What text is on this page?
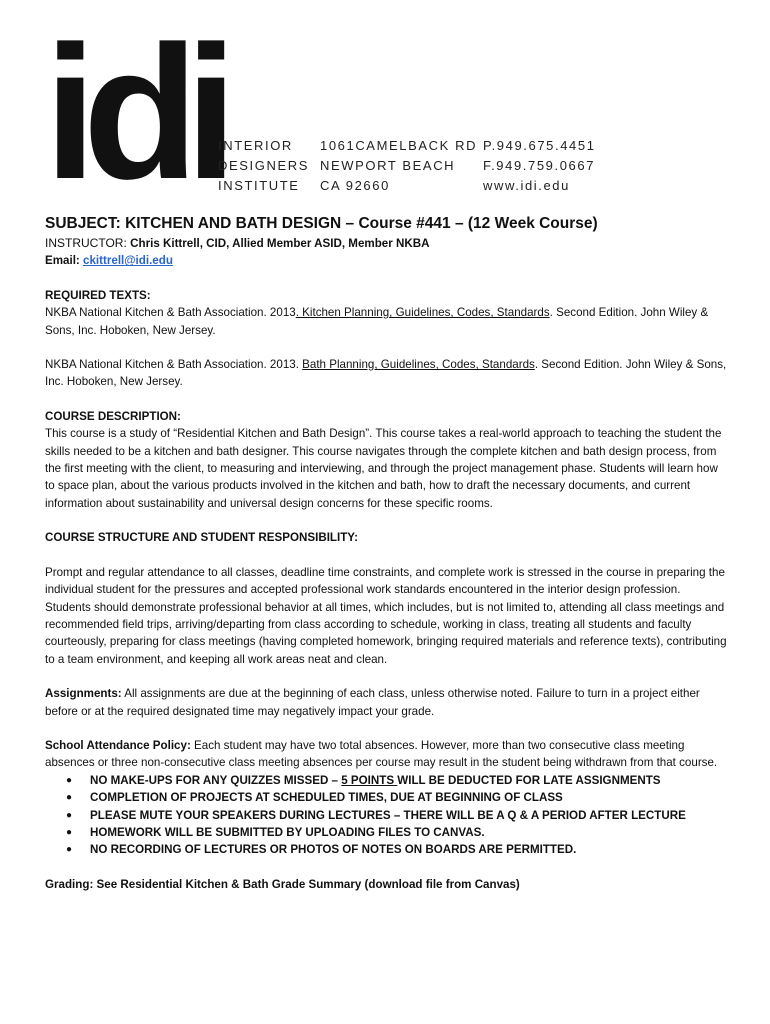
idi
INTERIOR
DESIGNERS
INSTITUTE
1061CAMELBACK RD
NEWPORT BEACH
CA 92660
P.949.675.4451
F.949.759.0667
www.idi.edu

SUBJECT: KITCHEN AND BATH DESIGN – Course #441 – (12 Week Course)

INSTRUCTOR: Chris Kittrell, CID, Allied Member ASID, Member NKBA

Email: ckittrell@idi.edu

REQUIRED TEXTS:

NKBA National Kitchen & Bath Association. 2013. Kitchen Planning, Guidelines, Codes, Standards. Second Edition. John Wiley & Sons, Inc. Hoboken, New Jersey.

NKBA National Kitchen & Bath Association. 2013. Bath Planning, Guidelines, Codes, Standards. Second Edition. John Wiley & Sons, Inc. Hoboken, New Jersey.

COURSE DESCRIPTION:

This course is a study of “Residential Kitchen and Bath Design”. This course takes a real-world approach to teaching the student the skills needed to be a kitchen and bath designer. This course navigates through the complete kitchen and bath design process, from the first meeting with the client, to measuring and interviewing, and through the project management phase. Students will learn how to space plan, about the various products involved in the kitchen and bath, how to draft the necessary documents, and current information about sustainability and universal design concerns for these specific rooms.

COURSE STRUCTURE AND STUDENT RESPONSIBILITY:

Prompt and regular attendance to all classes, deadline time constraints, and complete work is stressed in the course in preparing the individual student for the pressures and accepted professional work standards encountered in the interior design profession. Students should demonstrate professional behavior at all times, which includes, but is not limited to, attending all class meetings and recommended field trips, arriving/departing from class according to schedule, working in class, treating all students and faculty courteously, preparing for class meetings (having completed homework, bringing required materials and reference texts), contributing to a team environment, and keeping all work areas neat and clean.

Assignments: All assignments are due at the beginning of each class, unless otherwise noted. Failure to turn in a project either before or at the required designated time may negatively impact your grade.

School Attendance Policy: Each student may have two total absences. However, more than two consecutive class meeting absences or three non-consecutive class meeting absences per course may result in the student being withdrawn from that course.

● NO MAKE-UPS FOR ANY QUIZZES MISSED – 5 POINTS WILL BE DEDUCTED FOR LATE ASSIGNMENTS
● COMPLETION OF PROJECTS AT SCHEDULED TIMES, DUE AT BEGINNING OF CLASS
● PLEASE MUTE YOUR SPEAKERS DURING LECTURES – THERE WILL BE A Q & A PERIOD AFTER LECTURE
● HOMEWORK WILL BE SUBMITTED BY UPLOADING FILES TO CANVAS.
● NO RECORDING OF LECTURES OR PHOTOS OF NOTES ON BOARDS ARE PERMITTED.

Grading: See Residential Kitchen & Bath Grade Summary (download file from Canvas)
